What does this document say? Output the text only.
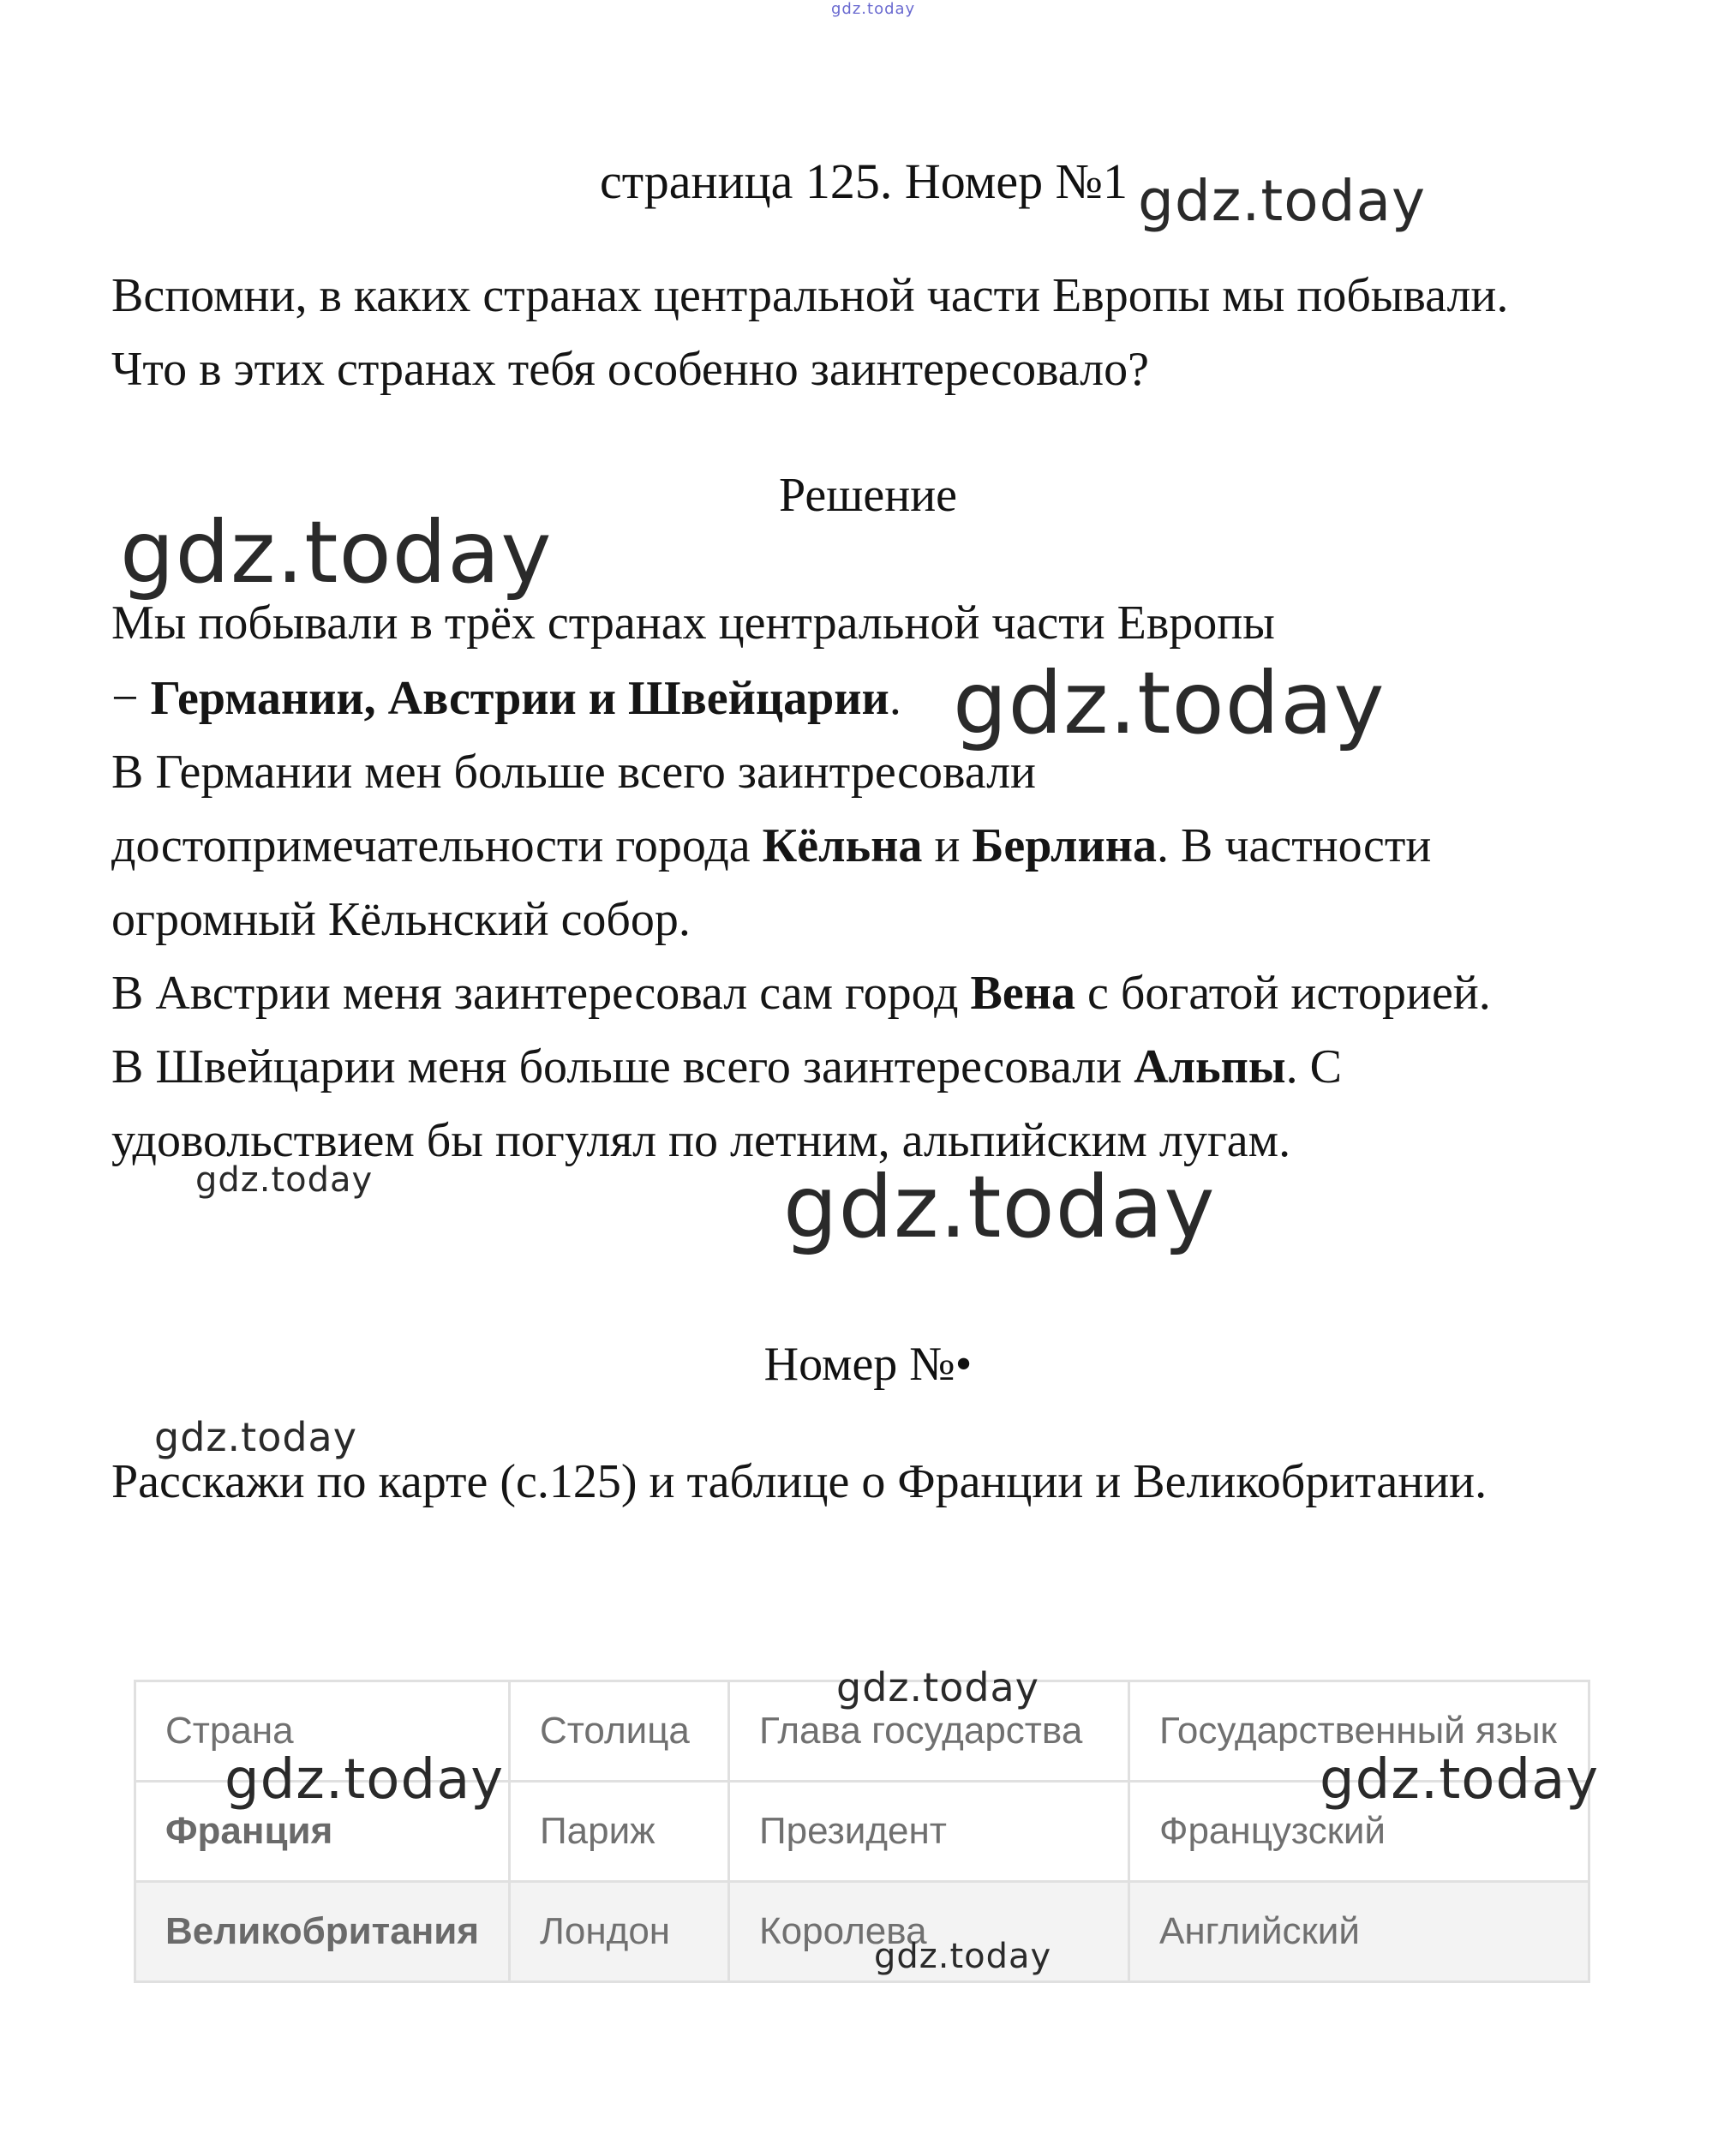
gdz.today
страница 125. Номер №1 gdz.today
Вспомни, в каких странах центральной части Европы мы побывали.
Что в этих странах тебя особенно заинтересовало?
Решение
gdz.today
Мы побывали в трёх странах центральной части Европы
− Германии, Австрии и Швейцарии. gdz.today
В Германии мен больше всего заинтресовали
достопримечательности города Кёльна и Берлина. В частности
огромный Кёльнский собор.
В Австрии меня заинтересовал сам город Вена с богатой историей.
В Швейцарии меня больше всего заинтересовали Альпы. С
удовольствием бы погулял по летним, альпийским лугам.
gdz.today	gdz.today
Номер №•
gdz.today
Расскажи по карте (с.125) и таблице о Франции и Великобритании.
Страна	Столица	Глава государства	Государственный язык
Франция	Париж	Президент	Французский
Великобритания	Лондон	Королева	Английский
gdz.today
gdz.today	gdz.today
gdz.today
